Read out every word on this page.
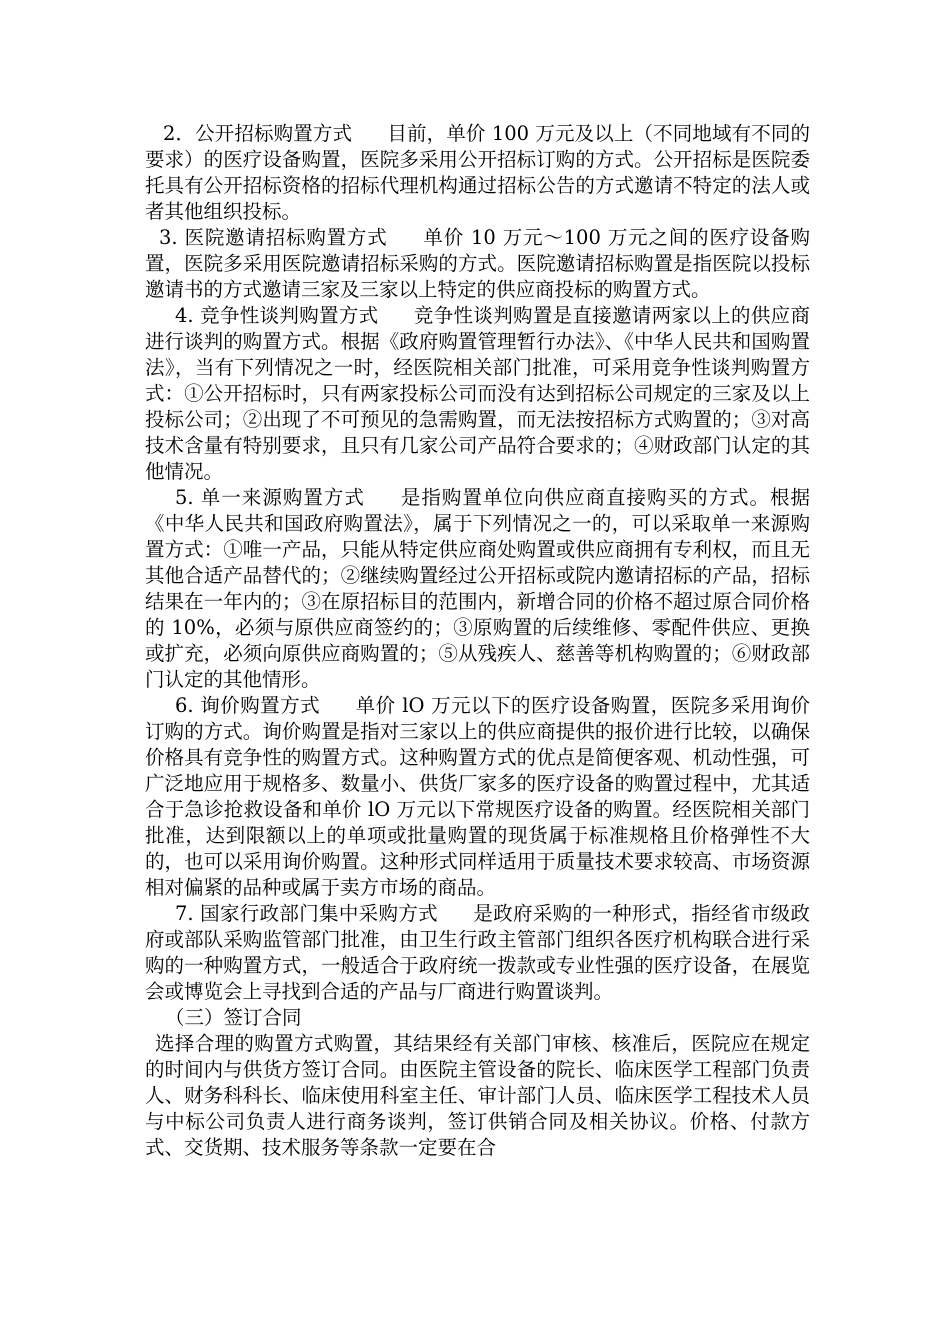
2．公开招标购置方式 目前，单价 100 万元及以上（不同地域有不同的要求）的医疗设备购置，医院多采用公开招标订购的方式。公开招标是医院委托具有公开招标资格的招标代理机构通过招标公告的方式邀请不特定的法人或者其他组织投标。

3. 医院邀请招标购置方式 单价 10 万元～100 万元之间的医疗设备购置，医院多采用医院邀请招标采购的方式。医院邀请招标购置是指医院以投标邀请书的方式邀请三家及三家以上特定的供应商投标的购置方式。

4. 竞争性谈判购置方式 竞争性谈判购置是直接邀请两家以上的供应商进行谈判的购置方式。根据《政府购置管理暂行办法》、《中华人民共和国购置法》，当有下列情况之一时，经医院相关部门批准，可采用竞争性谈判购置方式：①公开招标时，只有两家投标公司而没有达到招标公司规定的三家及以上投标公司；②出现了不可预见的急需购置，而无法按招标方式购置的；③对高技术含量有特别要求，且只有几家公司产品符合要求的；④财政部门认定的其他情况。

5. 单一来源购置方式 是指购置单位向供应商直接购买的方式。根据《中华人民共和国政府购置法》，属于下列情况之一的，可以采取单一来源购置方式：①唯一产品，只能从特定供应商处购置或供应商拥有专利权，而且无其他合适产品替代的；②继续购置经过公开招标或院内邀请招标的产品，招标结果在一年内的；③在原招标目的范围内，新增合同的价格不超过原合同价格的 10%，必须与原供应商签约的；③原购置的后续维修、零配件供应、更换或扩充，必须向原供应商购置的；⑤从残疾人、慈善等机构购置的；⑥财政部门认定的其他情形。

6. 询价购置方式 单价 lO 万元以下的医疗设备购置，医院多采用询价订购的方式。询价购置是指对三家以上的供应商提供的报价进行比较，以确保价格具有竞争性的购置方式。这种购置方式的优点是简便客观、机动性强，可广泛地应用于规格多、数量小、供货厂家多的医疗设备的购置过程中，尤其适合于急诊抢救设备和单价 lO 万元以下常规医疗设备的购置。经医院相关部门批准，达到限额以上的单项或批量购置的现货属于标准规格且价格弹性不大的，也可以采用询价购置。这种形式同样适用于质量技术要求较高、市场资源相对偏紧的品种或属于卖方市场的商品。

7. 国家行政部门集中采购方式 是政府采购的一种形式，指经省市级政府或部队采购监管部门批准，由卫生行政主管部门组织各医疗机构联合进行采购的一种购置方式，一般适合于政府统一拨款或专业性强的医疗设备，在展览会或博览会上寻找到合适的产品与厂商进行购置谈判。

（三）签订合同

选择合理的购置方式购置，其结果经有关部门审核、核准后，医院应在规定的时间内与供货方签订合同。由医院主管设备的院长、临床医学工程部门负责人、财务科科长、临床使用科室主任、审计部门人员、临床医学工程技术人员与中标公司负责人进行商务谈判，签订供销合同及相关协议。价格、付款方式、交货期、技术服务等条款一定要在合
